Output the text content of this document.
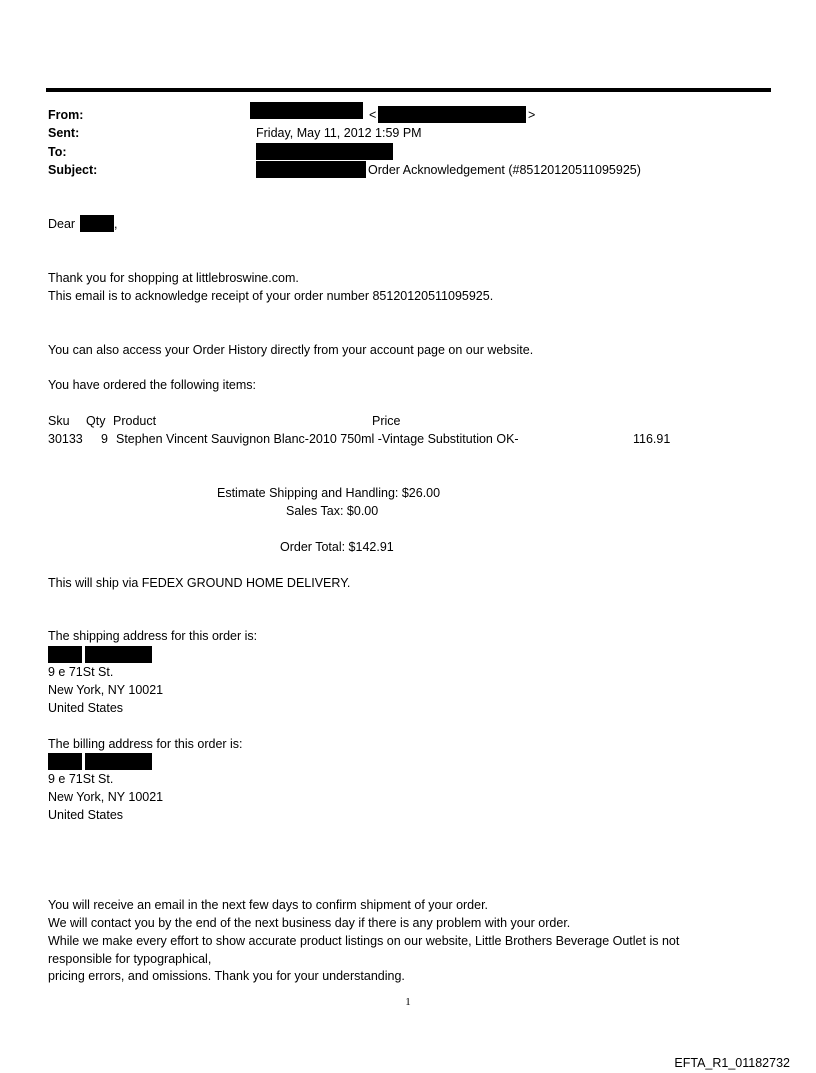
From:	<	>
Sent:	Friday, May 11, 2012 1:59 PM
To:
Subject:	Order Acknowledgement (#85120120511095925)
Dear	,
Thank you for shopping at littlebroswine.com.
This email is to acknowledge receipt of your order number 85120120511095925.
You can also access your Order History directly from your account page on our website.
You have ordered the following items:
Sku Qty Product	Price
30133 9 Stephen Vincent Sauvignon Blanc-2010 750ml -Vintage Substitution OK-	116.91
Estimate Shipping and Handling: $26.00
Sales Tax: $0.00
Order Total: $142.91
This will ship via FEDEX GROUND HOME DELIVERY.
The shipping address for this order is:
9 e 71St St.
New York, NY 10021
United States
The billing address for this order is:
9 e 71St St.
New York, NY 10021
United States
You will receive an email in the next few days to confirm shipment of your order.
We will contact you by the end of the next business day if there is any problem with your order.
While we make every effort to show accurate product listings on our website, Little Brothers Beverage Outlet is not
responsible for typographical,
pricing errors, and omissions. Thank you for your understanding.
1
EFTA_R1_01182732
